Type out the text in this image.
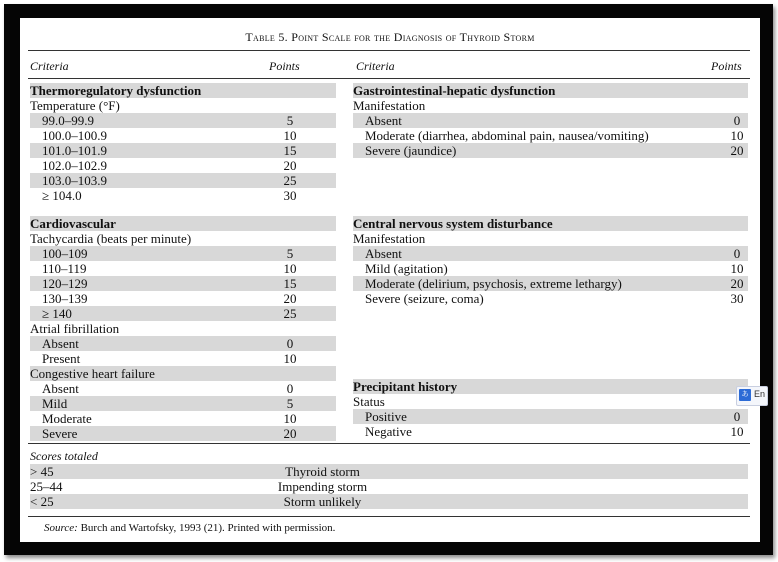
Table 5. Point Scale for the Diagnosis of Thyroid Storm
Criteria	Points	Criteria	Points
Thermoregulatory dysfunction
Temperature (°F)
99.0–99.9	5
100.0–100.9	10
101.0–101.9	15
102.0–102.9	20
103.0–103.9	25
≥ 104.0	30
Cardiovascular
Tachycardia (beats per minute)
100–109	5
110–119	10
120–129	15
130–139	20
≥ 140	25
Atrial fibrillation
Absent	0
Present	10
Congestive heart failure
Absent	0
Mild	5
Moderate	10
Severe	20
Gastrointestinal-hepatic dysfunction
Manifestation
Absent	0
Moderate (diarrhea, abdominal pain, nausea/vomiting)	10
Severe (jaundice)	20
Central nervous system disturbance
Manifestation
Absent	0
Mild (agitation)	10
Moderate (delirium, psychosis, extreme lethargy)	20
Severe (seizure, coma)	30
Precipitant history
Status
Positive	0
Negative	10
Scores totaled
> 45	Thyroid storm
25–44	Impending storm
< 25	Storm unlikely
Source: Burch and Wartofsky, 1993 (21). Printed with permission.
あ En
